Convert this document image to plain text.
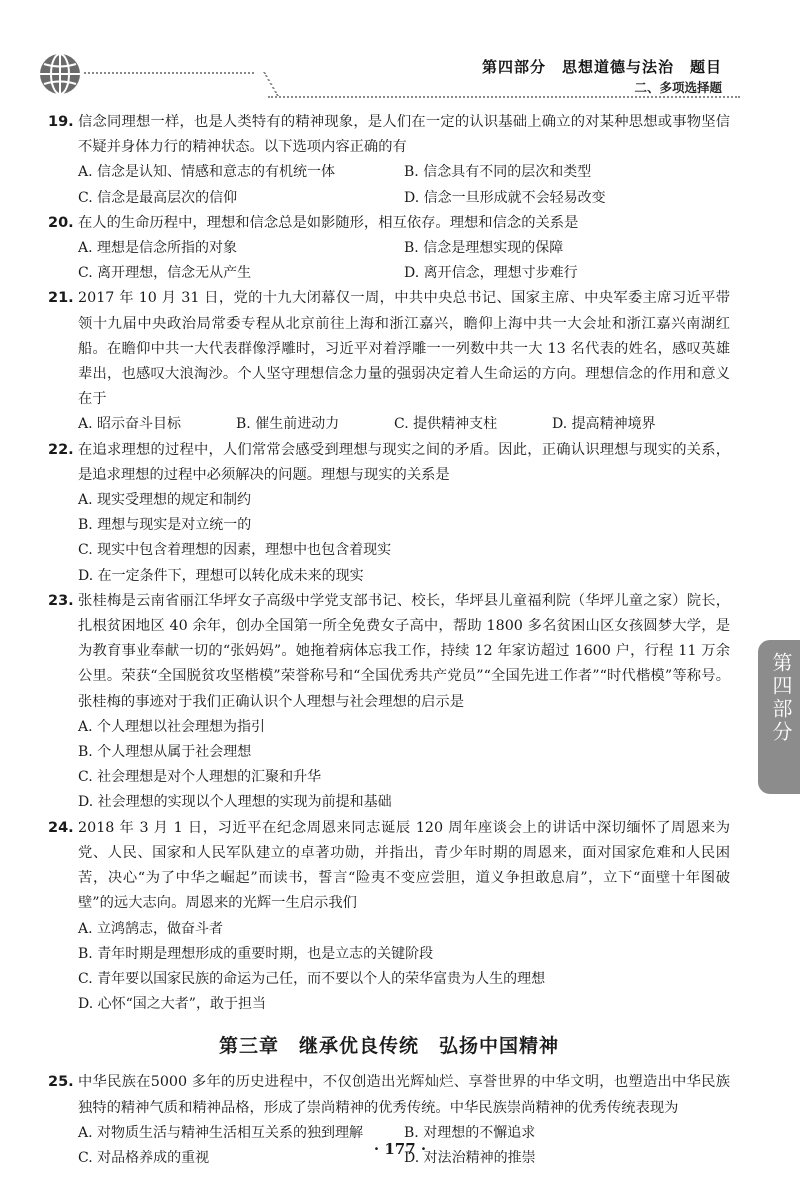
第四部分　思想道德与法治　题目
二、多项选择题
19. 信念同理想一样，也是人类特有的精神现象，是人们在一定的认识基础上确立的对某种思想或事物坚信不疑并身体力行的精神状态。以下选项内容正确的有

A. 信念是认知、情感和意志的有机统一体	B. 信念具有不同的层次和类型
C. 信念是最高层次的信仰	D. 信念一旦形成就不会轻易改变
20. 在人的生命历程中，理想和信念总是如影随形，相互依存。理想和信念的关系是

A. 理想是信念所指的对象	B. 信念是理想实现的保障
C. 离开理想，信念无从产生	D. 离开信念，理想寸步难行
21. 2017 年 10 月 31 日，党的十九大闭幕仅一周，中共中央总书记、国家主席、中央军委主席习近平带领十九届中央政治局常委专程从北京前往上海和浙江嘉兴，瞻仰上海中共一大会址和浙江嘉兴南湖红船。在瞻仰中共一大代表群像浮雕时，习近平对着浮雕一一列数中共一大 13 名代表的姓名，感叹英雄辈出，也感叹大浪淘沙。个人坚守理想信念力量的强弱决定着人生命运的方向。理想信念的作用和意义在于

A. 昭示奋斗目标	B. 催生前进动力	C. 提供精神支柱	D. 提高精神境界
22. 在追求理想的过程中，人们常常会感受到理想与现实之间的矛盾。因此，正确认识理想与现实的关系，是追求理想的过程中必须解决的问题。理想与现实的关系是

A. 现实受理想的规定和制约
B. 理想与现实是对立统一的
C. 现实中包含着理想的因素，理想中也包含着现实
D. 在一定条件下，理想可以转化成未来的现实
23. 张桂梅是云南省丽江华坪女子高级中学党支部书记、校长，华坪县儿童福利院（华坪儿童之家）院长，扎根贫困地区 40 余年，创办全国第一所全免费女子高中，帮助 1800 多名贫困山区女孩圆梦大学，是为教育事业奉献一切的“张妈妈”。她拖着病体忘我工作，持续 12 年家访超过 1600 户，行程 11 万余公里。荣获“全国脱贫攻坚楷模”荣誉称号和“全国优秀共产党员”“全国先进工作者”“时代楷模”等称号。张桂梅的事迹对于我们正确认识个人理想与社会理想的启示是

A. 个人理想以社会理想为指引
B. 个人理想从属于社会理想
C. 社会理想是对个人理想的汇聚和升华
D. 社会理想的实现以个人理想的实现为前提和基础
24. 2018 年 3 月 1 日，习近平在纪念周恩来同志诞辰 120 周年座谈会上的讲话中深切缅怀了周恩来为党、人民、国家和人民军队建立的卓著功勋，并指出，青少年时期的周恩来，面对国家危难和人民困苦，决心“为了中华之崛起”而读书，誓言“险夷不变应尝胆，道义争担敢息肩”，立下“面壁十年图破壁”的远大志向。周恩来的光辉一生启示我们

A. 立鸿鹄志，做奋斗者
B. 青年时期是理想形成的重要时期，也是立志的关键阶段
C. 青年要以国家民族的命运为己任，而不要以个人的荣华富贵为人生的理想
D. 心怀“国之大者”，敢于担当
第三章　继承优良传统　弘扬中国精神
25. 中华民族在5000 多年的历史进程中，不仅创造出光辉灿烂、享誉世界的中华文明，也塑造出中华民族独特的精神气质和精神品格，形成了崇尚精神的优秀传统。中华民族崇尚精神的优秀传统表现为

A. 对物质生活与精神生活相互关系的独到理解	B. 对理想的不懈追求
C. 对品格养成的重视	D. 对法治精神的推崇
第四部分
· 177 ·
